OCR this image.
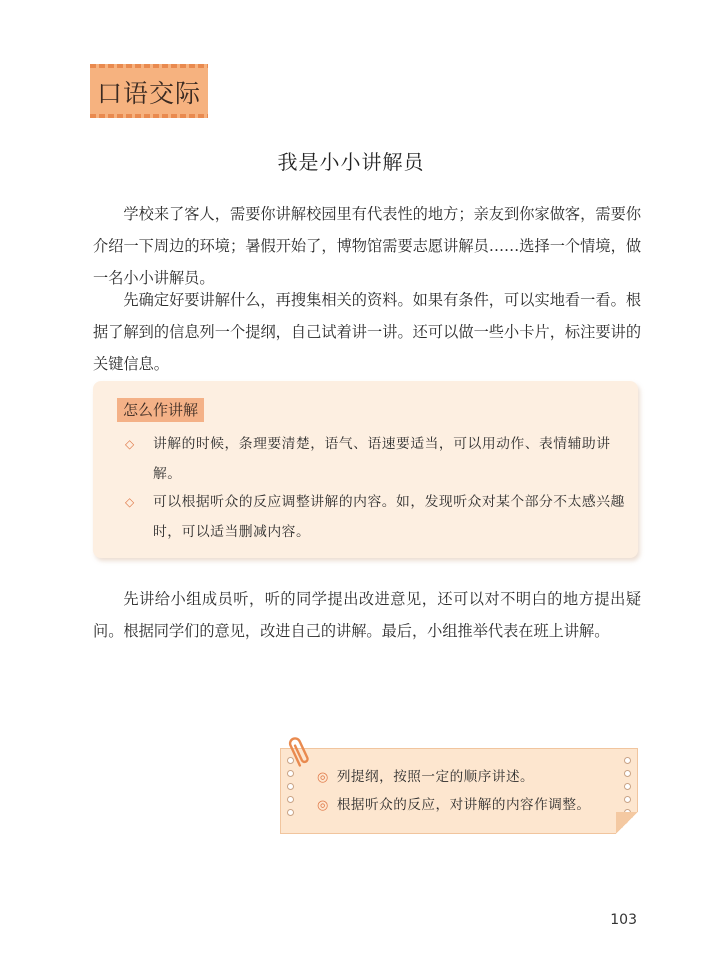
口语交际
我是小小讲解员

学校来了客人，需要你讲解校园里有代表性的地方；亲友到你家做客，需要你介绍一下周边的环境；暑假开始了，博物馆需要志愿讲解员……选择一个情境，做一名小小讲解员。

先确定好要讲解什么，再搜集相关的资料。如果有条件，可以实地看一看。根据了解到的信息列一个提纲，自己试着讲一讲。还可以做一些小卡片，标注要讲的关键信息。

怎么作讲解

◇	讲解的时候，条理要清楚，语气、语速要适当，可以用动作、表情辅助讲解。

◇	可以根据听众的反应调整讲解的内容。如，发现听众对某个部分不太感兴趣时，可以适当删减内容。

先讲给小组成员听，听的同学提出改进意见，还可以对不明白的地方提出疑问。根据同学们的意见，改进自己的讲解。最后，小组推举代表在班上讲解。

◎ 列提纲，按照一定的顺序讲述。

◎ 根据听众的反应，对讲解的内容作调整。

103
